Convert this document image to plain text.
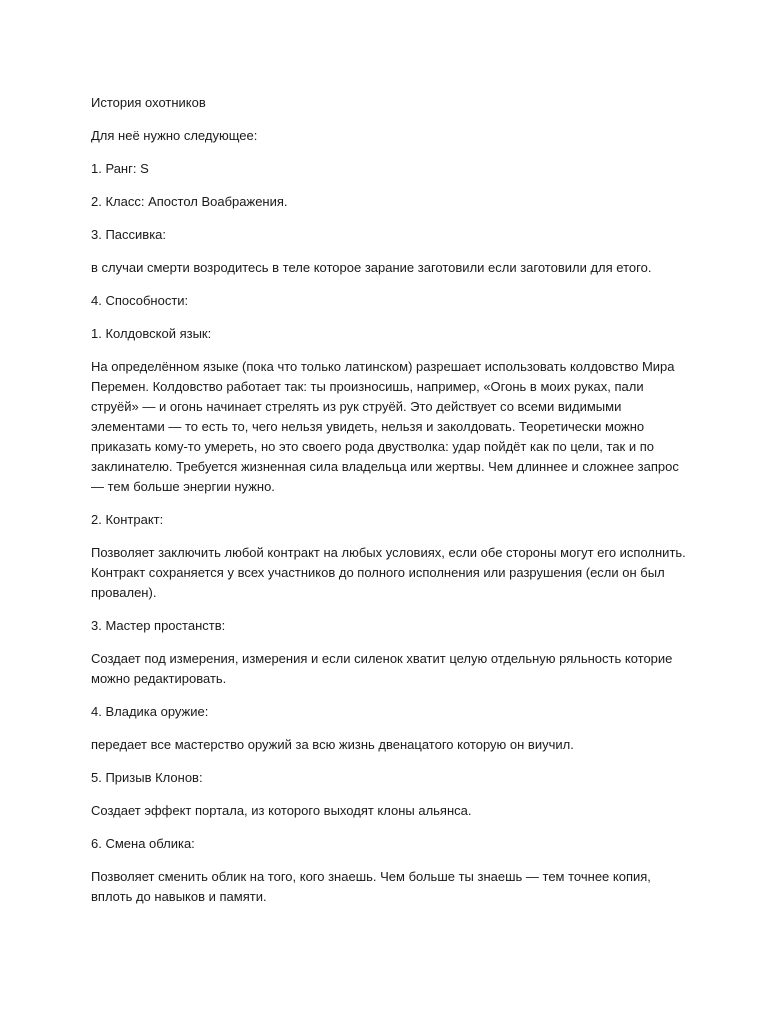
История охотников

Для неё нужно следующее:

1. Ранг: S

2. Класс: Апостол Воабражения.

3. Пассивка:

в случаи смерти возродитесь в теле которое зарание заготовили если заготовили для етого.

4. Способности:

1. Колдовской язык:

На определённом языке (пока что только латинском) разрешает использовать колдовство Мира Перемен. Колдовство работает так: ты произносишь, например, «Огонь в моих руках, пали струёй» — и огонь начинает стрелять из рук струёй. Это действует со всеми видимыми элементами — то есть то, чего нельзя увидеть, нельзя и заколдовать. Теоретически можно приказать кому-то умереть, но это своего рода двустволка: удар пойдёт как по цели, так и по заклинателю. Требуется жизненная сила владельца или жертвы. Чем длиннее и сложнее запрос — тем больше энергии нужно.

2. Контракт:

Позволяет заключить любой контракт на любых условиях, если обе стороны могут его исполнить. Контракт сохраняется у всех участников до полного исполнения или разрушения (если он был провален).

3. Мастер простанств:

Создает под измерения, измерения и если силенок хватит целую отдельную ряльность которие можно редактировать.

4. Владика оружие:

передает все мастерство оружий за всю жизнь двенацатого которую он виучил.

5. Призыв Клонов:

Создает эффект портала, из которого выходят клоны альянса.

6. Смена облика:

Позволяет сменить облик на того, кого знаешь. Чем больше ты знаешь — тем точнее копия, вплоть до навыков и памяти.
